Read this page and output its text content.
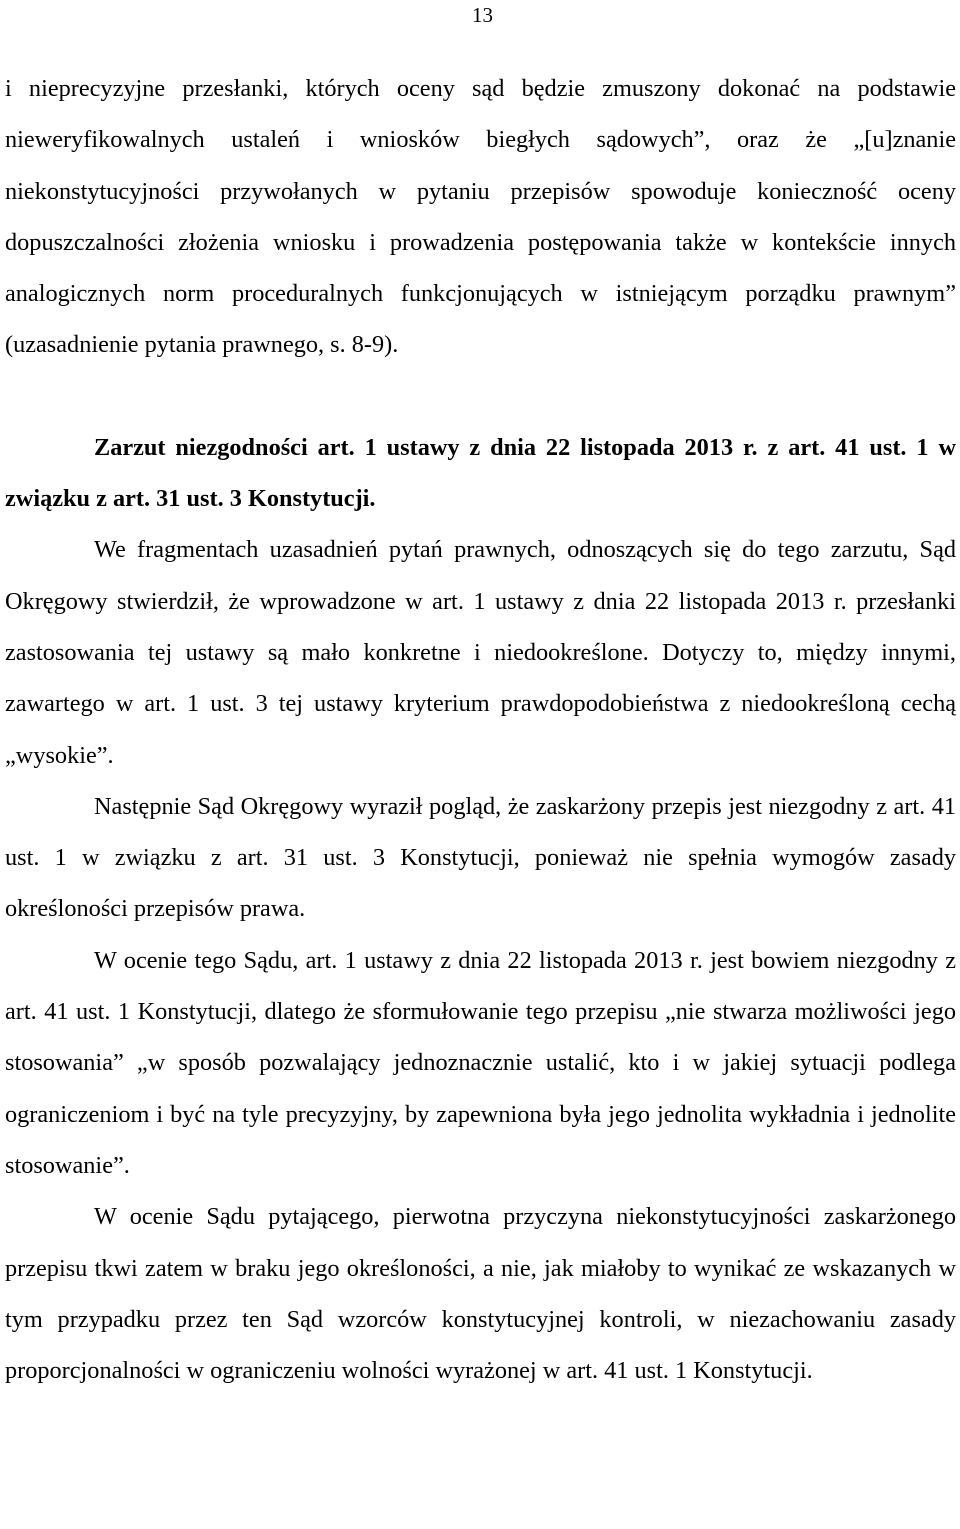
13

i nieprecyzyjne przesłanki, których oceny sąd będzie zmuszony dokonać na podstawie nieweryfikowalnych ustaleń i wniosków biegłych sądowych”, oraz że „[u]znanie niekonstytucyjności przywołanych w pytaniu przepisów spowoduje konieczność oceny dopuszczalności złożenia wniosku i prowadzenia postępowania także w kontekście innych analogicznych norm proceduralnych funkcjonujących w istniejącym porządku prawnym” (uzasadnienie pytania prawnego, s. 8-9).

Zarzut niezgodności art. 1 ustawy z dnia 22 listopada 2013 r. z art. 41 ust. 1 w związku z art. 31 ust. 3 Konstytucji.

We fragmentach uzasadnień pytań prawnych, odnoszących się do tego zarzutu, Sąd Okręgowy stwierdził, że wprowadzone w art. 1 ustawy z dnia 22 listopada 2013 r. przesłanki zastosowania tej ustawy są mało konkretne i niedookreślone. Dotyczy to, między innymi, zawartego w art. 1 ust. 3 tej ustawy kryterium prawdopodobieństwa z niedookreśloną cechą „wysokie”.

Następnie Sąd Okręgowy wyraził pogląd, że zaskarżony przepis jest niezgodny z art. 41 ust. 1 w związku z art. 31 ust. 3 Konstytucji, ponieważ nie spełnia wymogów zasady określoności przepisów prawa.

W ocenie tego Sądu, art. 1 ustawy z dnia 22 listopada 2013 r. jest bowiem niezgodny z art. 41 ust. 1 Konstytucji, dlatego że sformułowanie tego przepisu „nie stwarza możliwości jego stosowania” „w sposób pozwalający jednoznacznie ustalić, kto i w jakiej sytuacji podlega ograniczeniom i być na tyle precyzyjny, by zapewniona była jego jednolita wykładnia i jednolite stosowanie”.

W ocenie Sądu pytającego, pierwotna przyczyna niekonstytucyjności zaskarżonego przepisu tkwi zatem w braku jego określoności, a nie, jak miałoby to wynikać ze wskazanych w tym przypadku przez ten Sąd wzorców konstytucyjnej kontroli, w niezachowaniu zasady proporcjonalności w ograniczeniu wolności wyrażonej w art. 41 ust. 1 Konstytucji.
